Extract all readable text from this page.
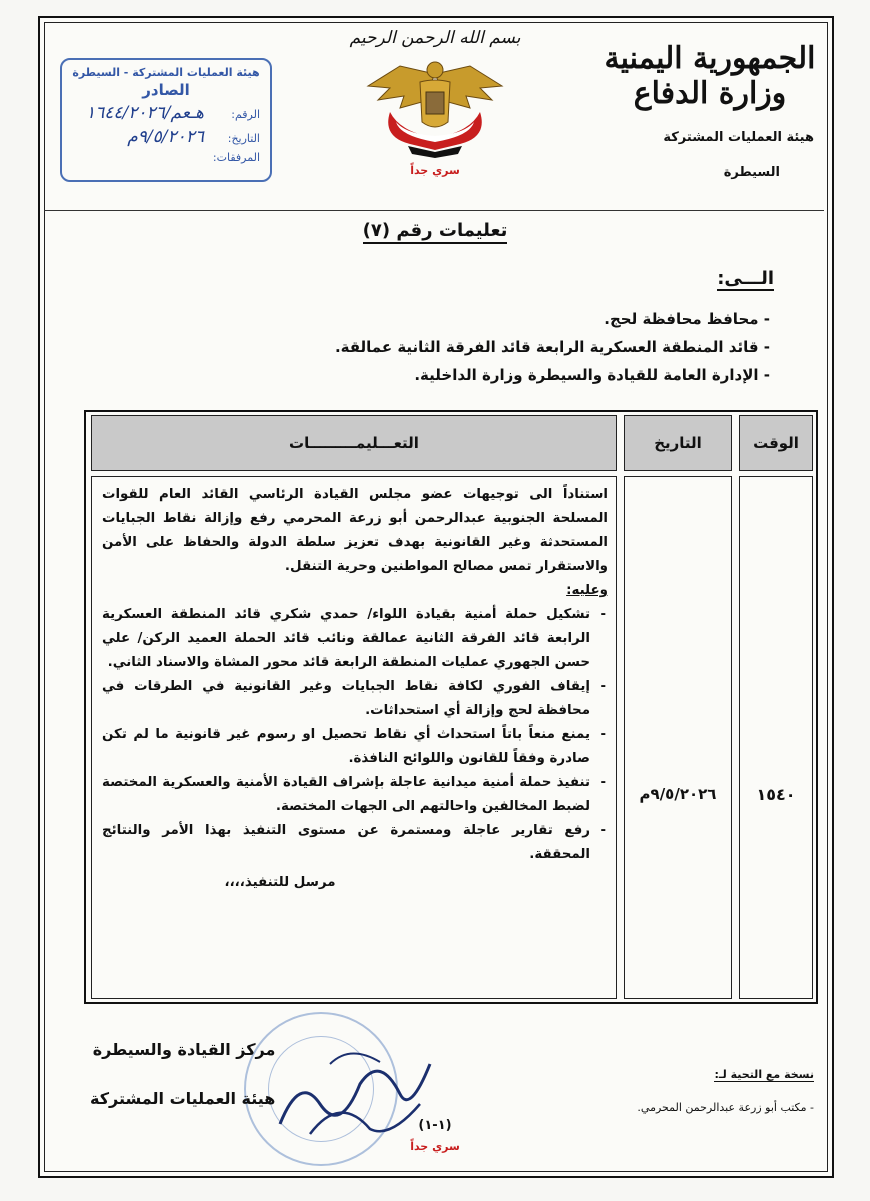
الجمهورية اليمنية
وزارة الدفاع
هيئة العمليات المشتركة
السيطرة
بسم الله الرحمن الرحيم
سري جداً
هيئة العمليات المشتركة - السيطرة
الصادر
الرقم:
هـعم/١٦٤٤/٢٠٢٦
التاريخ:
٩/٥/٢٠٢٦م
المرفقات:
تعليمات رقم (٧)
الـــى:
- محافظ محافظة لحج.
- قائد المنطقة العسكرية الرابعة قائد الفرقة الثانية عمالقة.
- الإدارة العامة للقيادة والسيطرة وزارة الداخلية.
الوقت
التاريخ
التعـــليمـــــــــات
١٥٤٠
٩/٥/٢٠٢٦م

استناداً الى توجيهات عضو مجلس القيادة الرئاسي القائد العام للقوات المسلحة الجنوبية عبدالرحمن أبو زرعة المحرمي رفع وإزالة نقاط الجبايات المستحدثة وغير القانونية بهدف تعزيز سلطة الدولة والحفاظ على الأمن والاستقرار تمس مصالح المواطنين وحرية التنقل.

وعليه:

- تشكيل حملة أمنية بقيادة اللواء/ حمدي شكري قائد المنطقة العسكرية الرابعة قائد الفرقة الثانية عمالقة ونائب قائد الحملة العميد الركن/ علي حسن الجهوري عمليات المنطقة الرابعة قائد محور المشاة والاسناد الثاني.
- إيقاف الفوري لكافة نقاط الجبايات وغير القانونية في الطرقات في محافظة لحج وإزالة أي استحداثات.
- يمنع منعاً باتاً استحداث أي نقاط تحصيل او رسوم غير قانونية ما لم تكن صادرة وفقاً للقانون واللوائح النافذة.
- تنفيذ حملة أمنية ميدانية عاجلة بإشراف القيادة الأمنية والعسكرية المختصة لضبط المخالفين واحالتهم الى الجهات المختصة.
- رفع تقارير عاجلة ومستمرة عن مستوى التنفيذ بهذا الأمر والنتائج المحققة.

مرسل للتنفيذ،،،،

مركز القيادة والسيطرة
هيئة العمليات المشتركة
نسخة مع التحية لـ:
- مكتب أبو زرعة عبدالرحمن المحرمي.
(١-١)
سري جداً
